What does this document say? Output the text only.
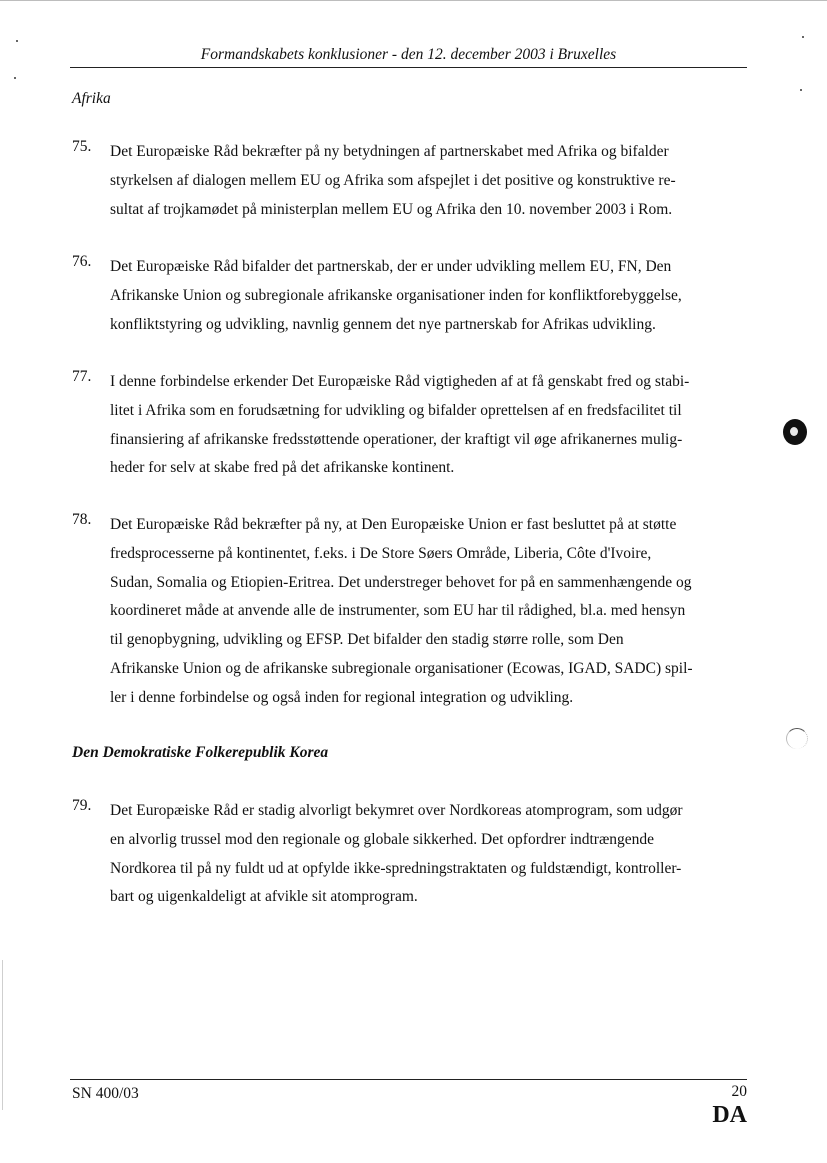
Formandskabets konklusioner - den 12. december 2003 i Bruxelles
Afrika
75. Det Europæiske Råd bekræfter på ny betydningen af partnerskabet med Afrika og bifalder
styrkelsen af dialogen mellem EU og Afrika som afspejlet i det positive og konstruktive re-
sultat af trojkamødet på ministerplan mellem EU og Afrika den 10. november 2003 i Rom.
76. Det Europæiske Råd bifalder det partnerskab, der er under udvikling mellem EU, FN, Den
Afrikanske Union og subregionale afrikanske organisationer inden for konfliktforebyggelse,
konfliktstyring og udvikling, navnlig gennem det nye partnerskab for Afrikas udvikling.
77. I denne forbindelse erkender Det Europæiske Råd vigtigheden af at få genskabt fred og stabi-
litet i Afrika som en forudsætning for udvikling og bifalder oprettelsen af en fredsfacilitet til
finansiering af afrikanske fredsstøttende operationer, der kraftigt vil øge afrikanernes mulig-
heder for selv at skabe fred på det afrikanske kontinent.
78. Det Europæiske Råd bekræfter på ny, at Den Europæiske Union er fast besluttet på at støtte
fredsprocesserne på kontinentet, f.eks. i De Store Søers Område, Liberia, Côte d'Ivoire,
Sudan, Somalia og Etiopien-Eritrea. Det understreger behovet for på en sammenhængende og
koordineret måde at anvende alle de instrumenter, som EU har til rådighed, bl.a. med hensyn
til genopbygning, udvikling og EFSP. Det bifalder den stadig større rolle, som Den
Afrikanske Union og de afrikanske subregionale organisationer (Ecowas, IGAD, SADC) spil-
ler i denne forbindelse og også inden for regional integration og udvikling.
Den Demokratiske Folkerepublik Korea
79. Det Europæiske Råd er stadig alvorligt bekymret over Nordkoreas atomprogram, som udgør
en alvorlig trussel mod den regionale og globale sikkerhed. Det opfordrer indtrængende
Nordkorea til på ny fuldt ud at opfylde ikke-spredningstraktaten og fuldstændigt, kontroller-
bart og uigenkaldeligt at afvikle sit atomprogram.
SN 400/03	20
DA
